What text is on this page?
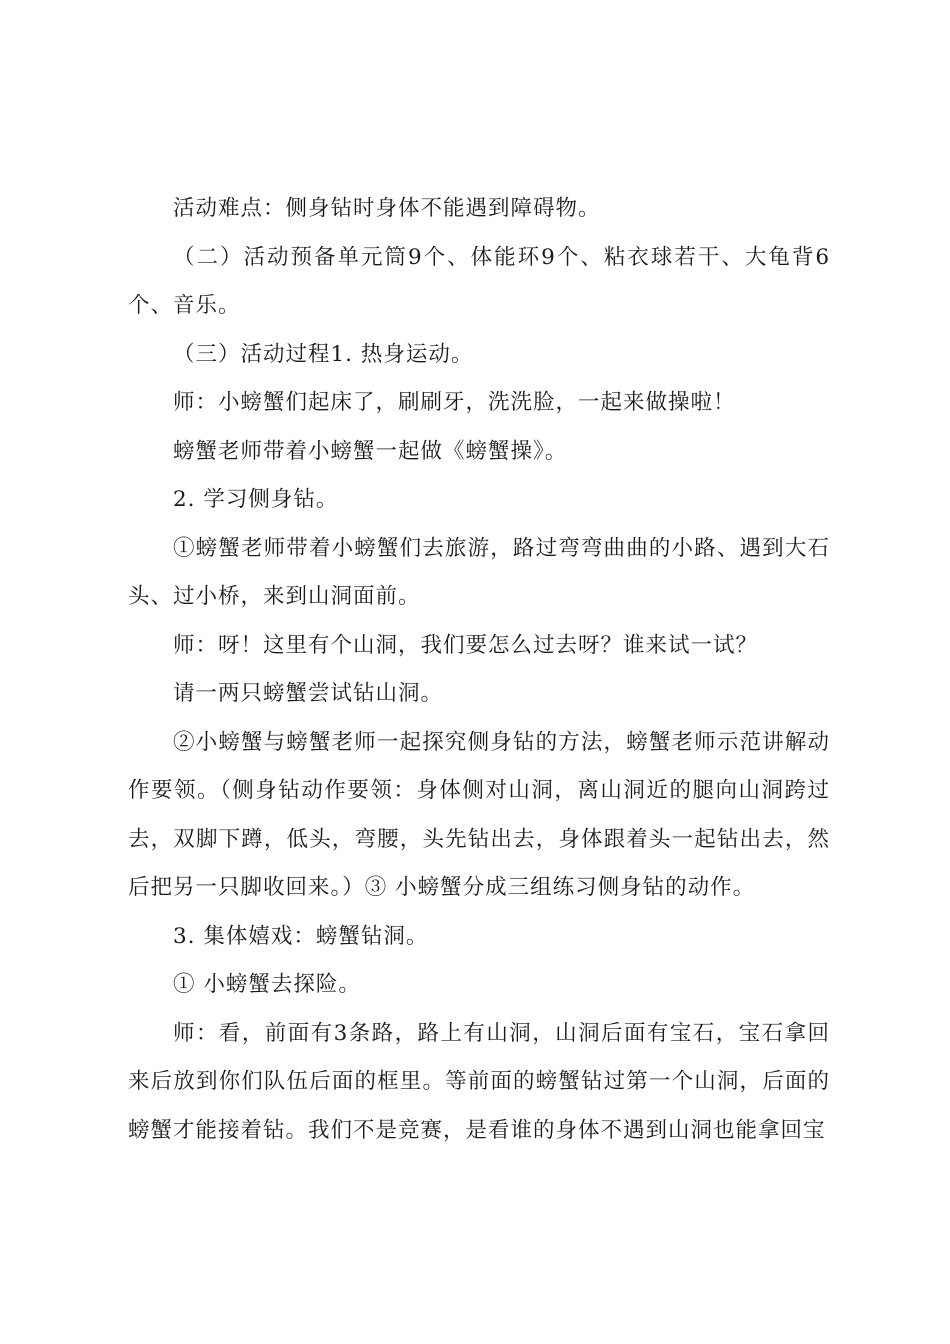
活动难点：侧身钻时身体不能遇到障碍物。

（二）活动预备单元筒9个、体能环9个、粘衣球若干、大龟背6个、音乐。

（三）活动过程1. 热身运动。

师：小螃蟹们起床了，刷刷牙，洗洗脸，一起来做操啦！

螃蟹老师带着小螃蟹一起做《螃蟹操》。

2. 学习侧身钻。

①螃蟹老师带着小螃蟹们去旅游，路过弯弯曲曲的小路、遇到大石头、过小桥，来到山洞面前。

师：呀！这里有个山洞，我们要怎么过去呀？谁来试一试？

请一两只螃蟹尝试钻山洞。

②小螃蟹与螃蟹老师一起探究侧身钻的方法，螃蟹老师示范讲解动作要领。（侧身钻动作要领：身体侧对山洞，离山洞近的腿向山洞跨过去，双脚下蹲，低头，弯腰，头先钻出去，身体跟着头一起钻出去，然后把另一只脚收回来。）③ 小螃蟹分成三组练习侧身钻的动作。

3. 集体嬉戏：螃蟹钻洞。

① 小螃蟹去探险。

师：看，前面有3条路，路上有山洞，山洞后面有宝石，宝石拿回来后放到你们队伍后面的框里。等前面的螃蟹钻过第一个山洞，后面的螃蟹才能接着钻。我们不是竞赛，是看谁的身体不遇到山洞也能拿回宝
